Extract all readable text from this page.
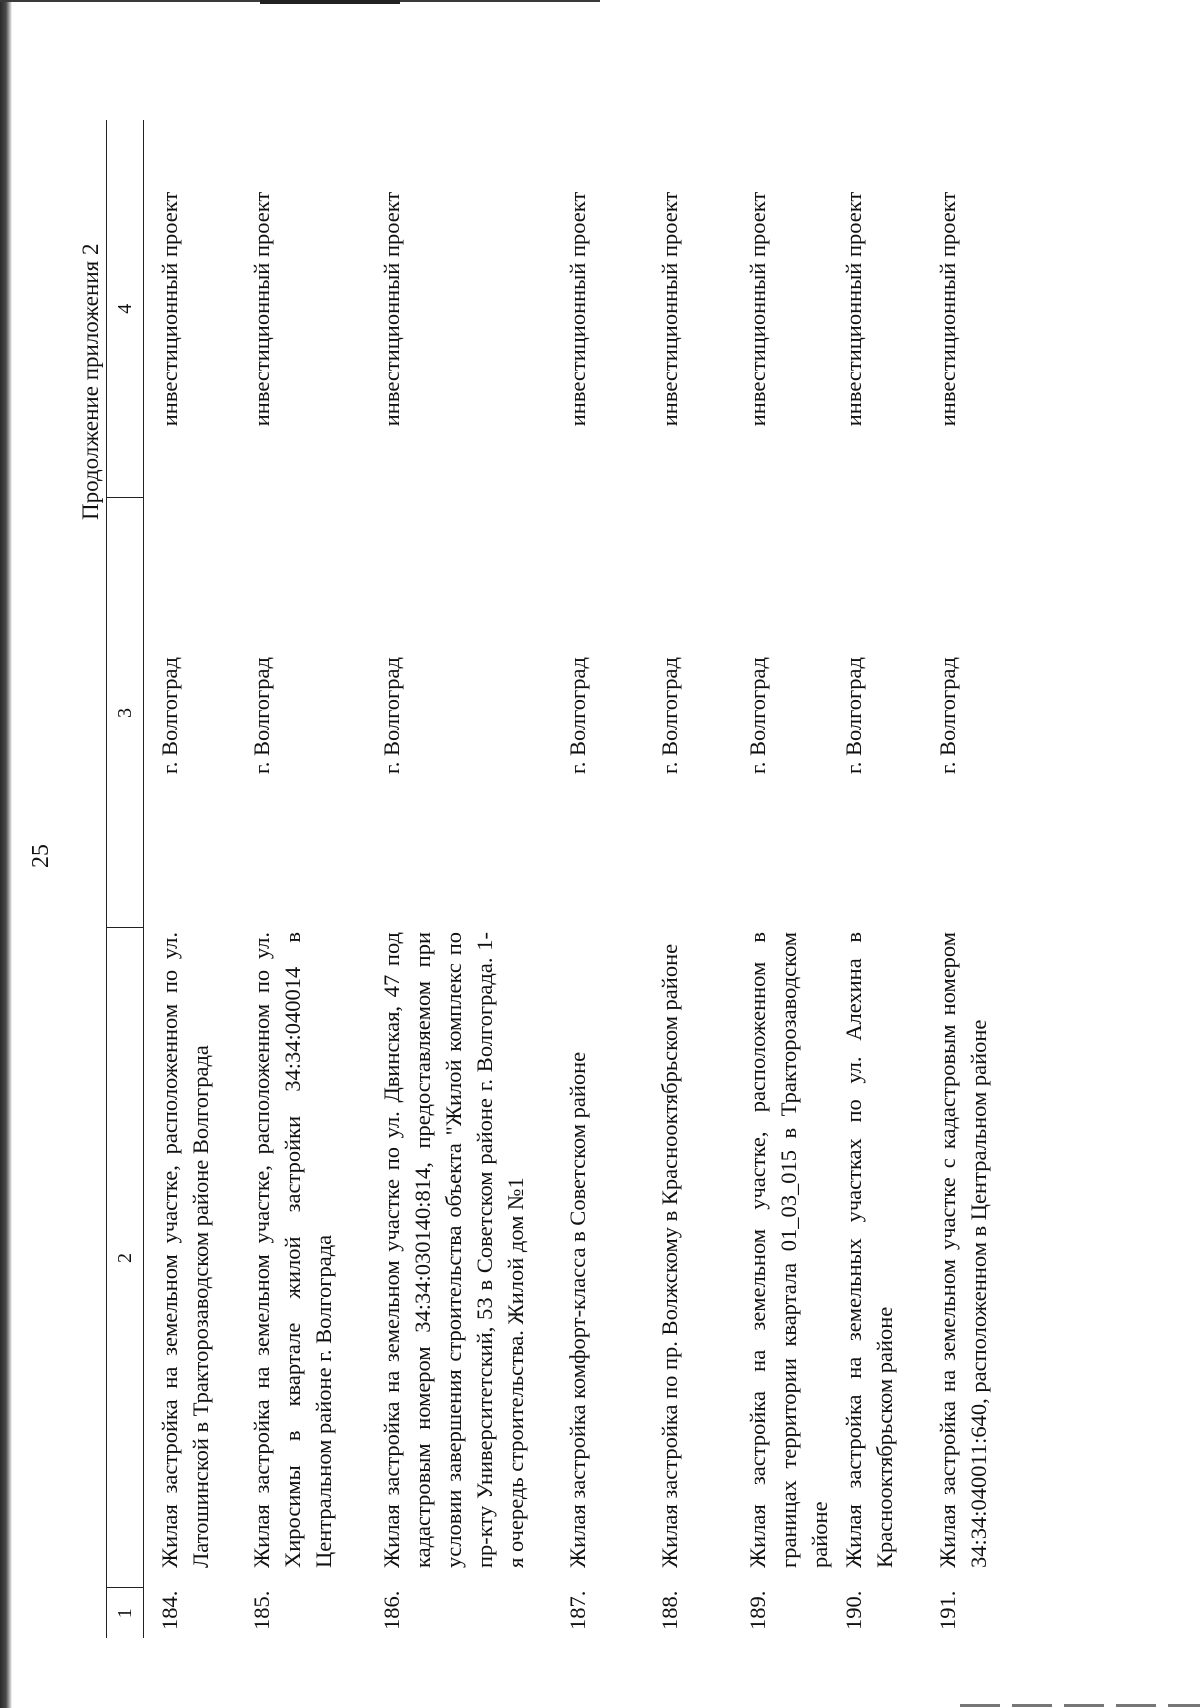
25
Продолжение приложения 2
1	2	3	4
184.	Жилая застройка на земельном участке, расположенном по ул. Латошинской в Тракторозаводском районе Волгограда	г. Волгоград	инвестиционный проект
185.	Жилая застройка на земельном участке, расположенном по ул. Хиросимы в квартале жилой застройки 34:34:040014 в Центральном районе г. Волгограда	г. Волгоград	инвестиционный проект
186.	Жилая застройка на земельном участке по ул. Двинская, 47 под кадастровым номером 34:34:030140:814, предоставляемом при условии завершения строительства объекта "Жилой комплекс по пр-кту Университетский, 53 в Советском районе г. Волгограда. 1-я очередь строительства. Жилой дом №1	г. Волгоград	инвестиционный проект
187.	Жилая застройка комфорт-класса в Советском районе	г. Волгоград	инвестиционный проект
188.	Жилая застройка по пр. Волжскому в Краснооктябрьском районе	г. Волгоград	инвестиционный проект
189.	Жилая застройка на земельном участке, расположенном в границах территории квартала 01_03_015 в Тракторозаводском районе	г. Волгоград	инвестиционный проект
190.	Жилая застройка на земельных участках по ул. Алехина в Краснооктябрьском районе	г. Волгоград	инвестиционный проект
191.	Жилая застройка на земельном участке с кадастровым номером 34:34:040011:640, расположенном в Центральном районе	г. Волгоград	инвестиционный проект
